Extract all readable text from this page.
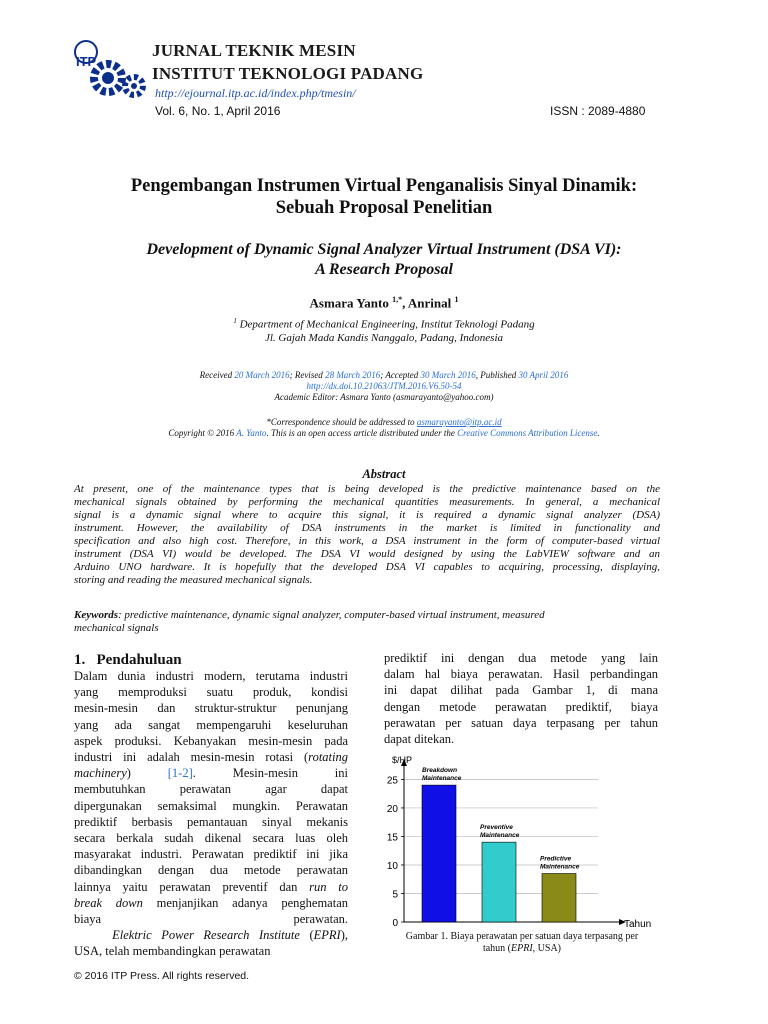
ITP
JURNAL TEKNIK MESIN
INSTITUT TEKNOLOGI PADANG
http://ejournal.itp.ac.id/index.php/tmesin/
Vol. 6, No. 1, April 2016	ISSN : 2089-4880
Pengembangan Instrumen Virtual Penganalisis Sinyal Dinamik:
Sebuah Proposal Penelitian
Development of Dynamic Signal Analyzer Virtual Instrument (DSA VI):
A Research Proposal
Asmara Yanto $^{1,*}$, Anrinal $^1$
$^1$ Department of Mechanical Engineering, Institut Teknologi Padang
Jl. Gajah Mada Kandis Nanggalo, Padang, Indonesia
Received 20 March 2016; Revised 28 March 2016; Accepted 30 March 2016, Published 30 April 2016
http://dx.doi.10.21063/JTM.2016.V6.50-54
Academic Editor: Asmara Yanto (asmarayanto@yahoo.com)
*Correspondence should be addressed to asmarayanto@itp.ac.id
Copyright © 2016 A. Yanto. This is an open access article distributed under the Creative Commons Attribution License.
Abstract
At present, one of the maintenance types that is being developed is the predictive maintenance based on the
mechanical signals obtained by performing the mechanical quantities measurements. In general, a mechanical
signal is a dynamic signal where to acquire this signal, it is required a dynamic signal analyzer (DSA)
instrument. However, the availability of DSA instruments in the market is limited in functionality and
specification and also high cost. Therefore, in this work, a DSA instrument in the form of computer-based virtual
instrument (DSA VI) would be developed. The DSA VI would designed by using the LabVIEW software and an
Arduino UNO hardware. It is hopefully that the developed DSA VI capables to acquiring, processing, displaying,
storing and reading the measured mechanical signals.
Keywords: predictive maintenance, dynamic signal analyzer, computer-based virtual instrument, measured
mechanical signals
1.   Pendahuluan
Dalam dunia industri modern, terutama industri
yang memproduksi suatu produk, kondisi
mesin-mesin dan struktur-struktur penunjang
yang ada sangat mempengaruhi keseluruhan
aspek produksi. Kebanyakan mesin-mesin pada
industri ini adalah mesin-mesin rotasi (rotating
machinery) [1-2]. Mesin-mesin ini
membutuhkan perawatan agar dapat
dipergunakan semaksimal mungkin. Perawatan
prediktif berbasis pemantauan sinyal mekanis
secara berkala sudah dikenal secara luas oleh
masyarakat industri. Perawatan prediktif ini jika
dibandingkan dengan dua metode perawatan
lainnya yaitu perawatan preventif dan run to
break down menjanjikan adanya penghematan
biaya perawatan.
Elektric Power Research Institute (EPRI),
USA, telah membandingkan perawatan
prediktif ini dengan dua metode yang lain
dalam hal biaya perawatan. Hasil perbandingan
ini dapat dilihat pada Gambar 1, di mana
dengan metode perawatan prediktif, biaya
perawatan per satuan daya terpasang per tahun
dapat ditekan.
0
5
10
15
20
25
$/HP
Tahun
Breakdown
Maintenance
Preventive
Maintenance
Predictive
Maintenance
Gambar 1. Biaya perawatan per satuan daya terpasang per
tahun (EPRI, USA)
© 2016 ITP Press. All rights reserved.
